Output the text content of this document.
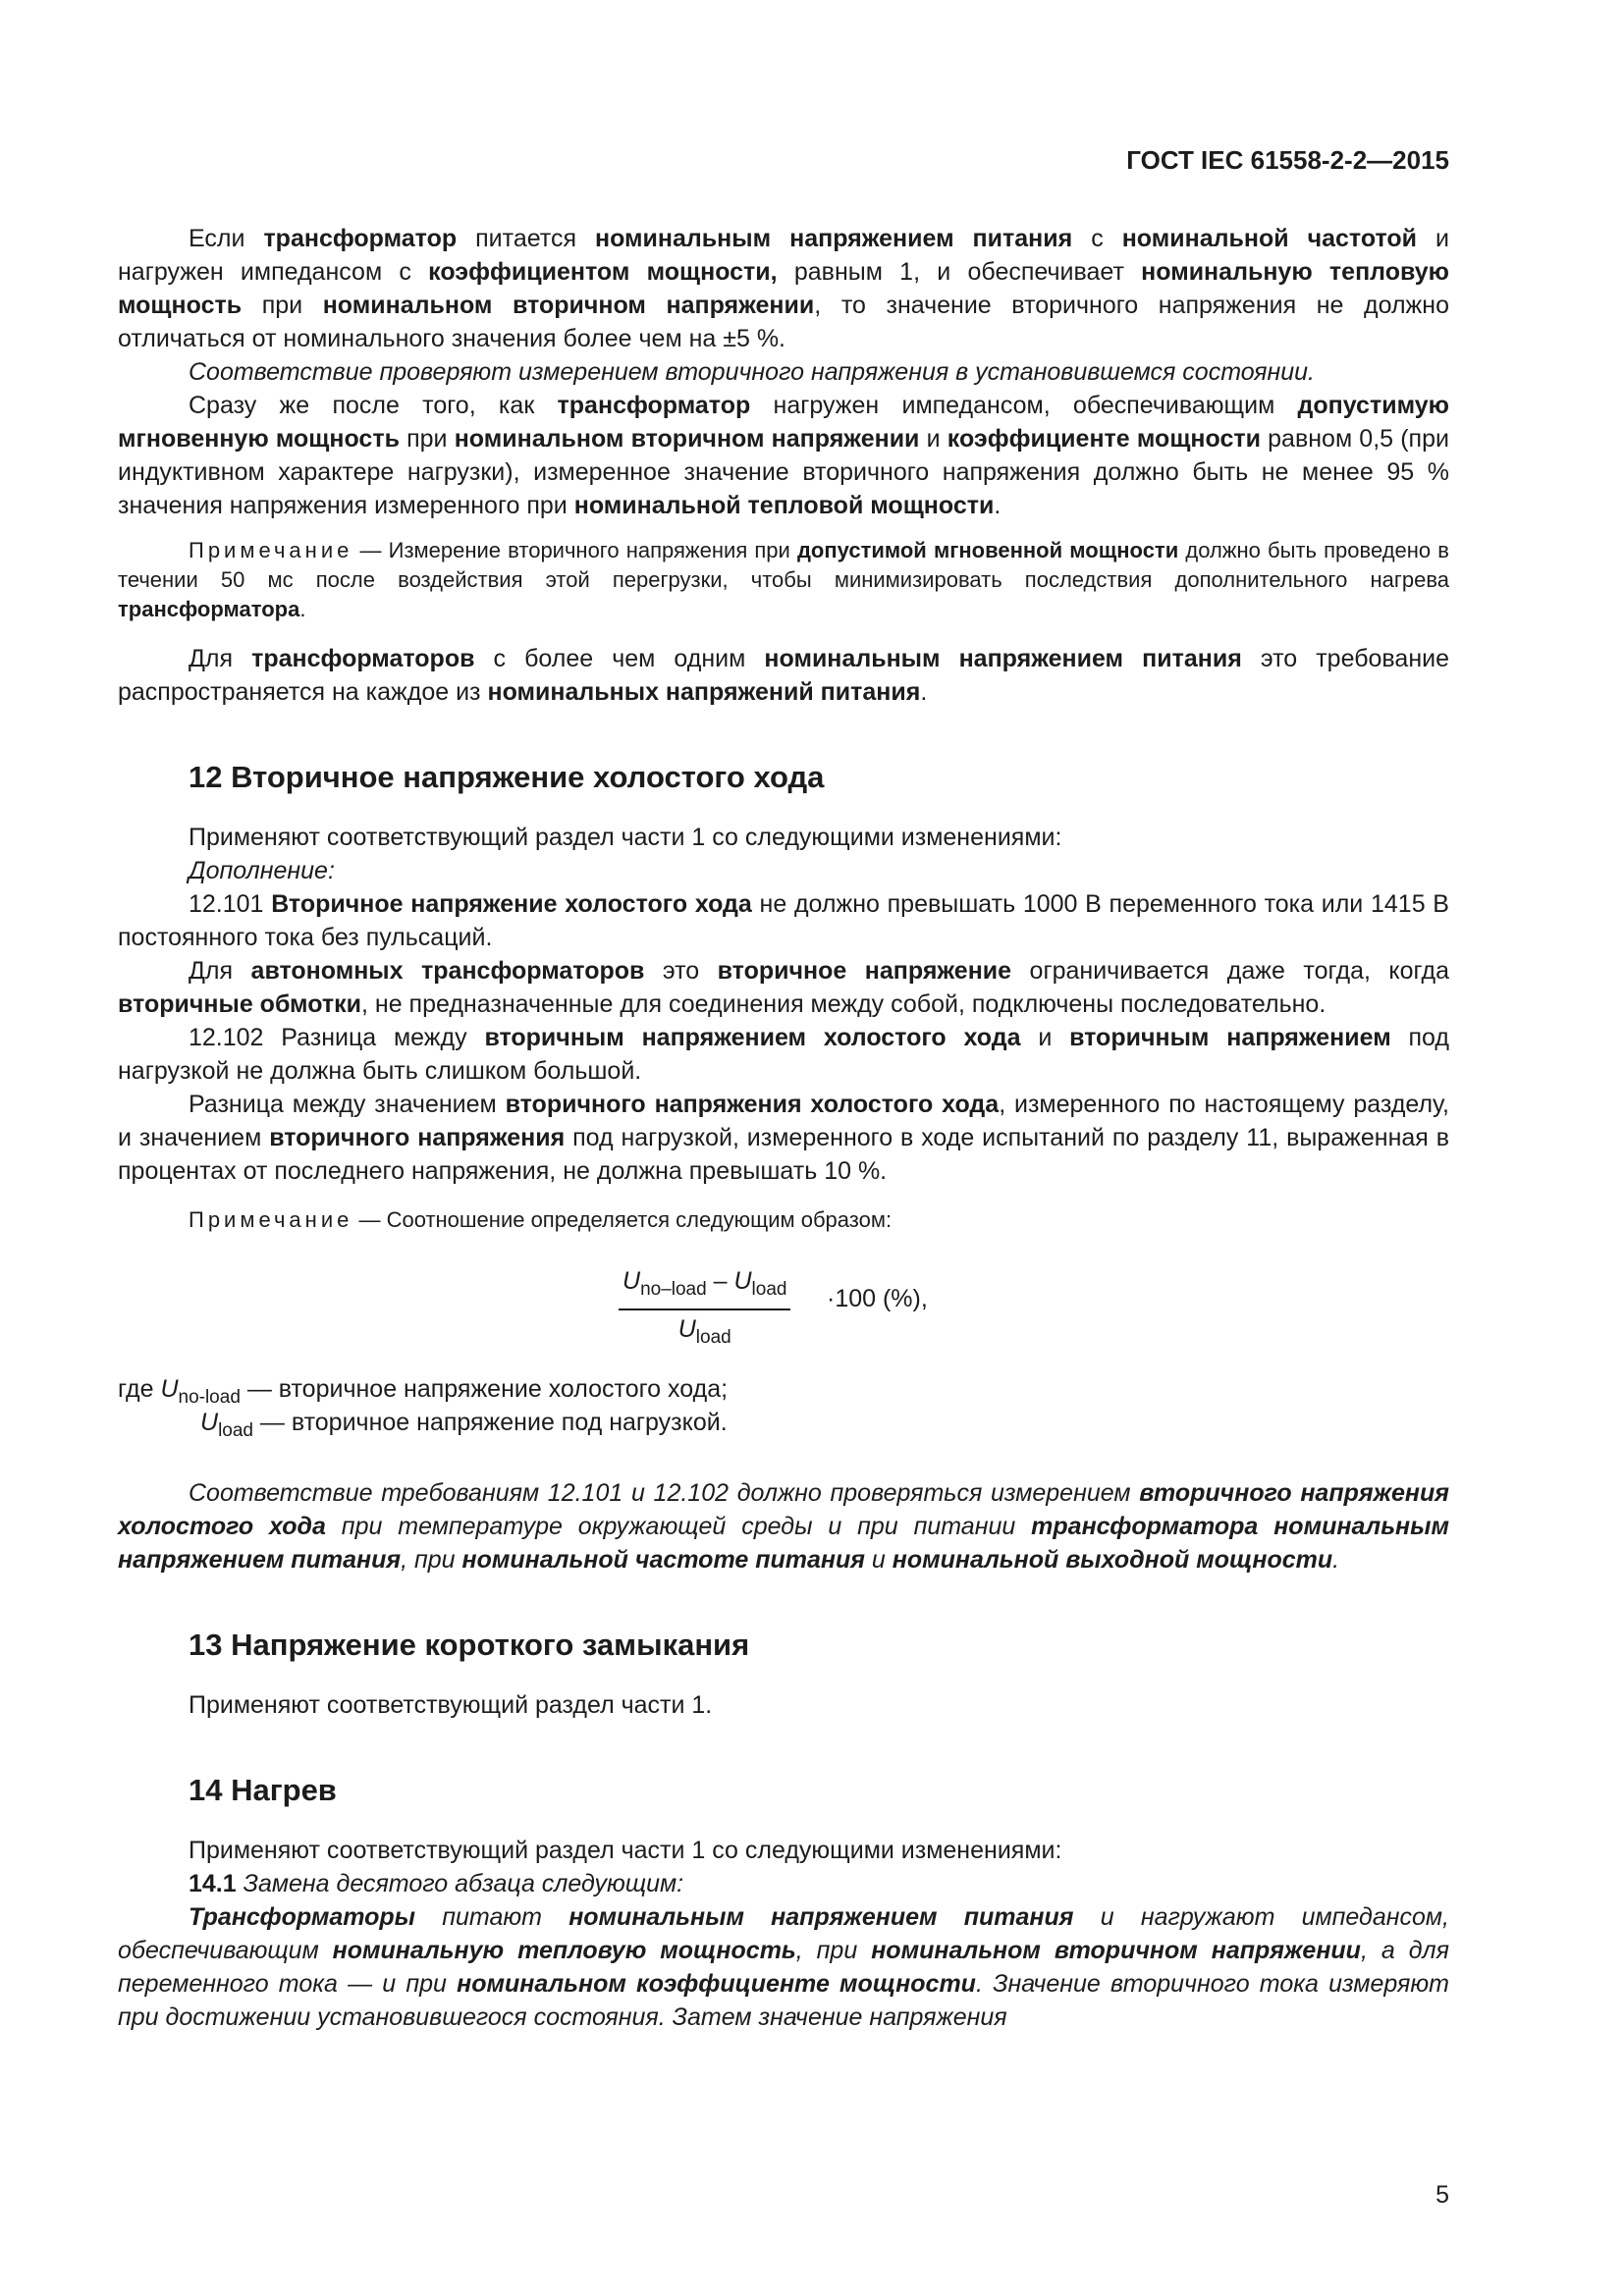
ГОСТ IEC 61558-2-2—2015

Если трансформатор питается номинальным напряжением питания с номинальной частотой и нагружен импедансом с коэффициентом мощности, равным 1, и обеспечивает номинальную тепловую мощность при номинальном вторичном напряжении, то значение вторичного напряжения не должно отличаться от номинального значения более чем на ±5 %.

Соответствие проверяют измерением вторичного напряжения в установившемся состоянии.

Сразу же после того, как трансформатор нагружен импедансом, обеспечивающим допустимую мгновенную мощность при номинальном вторичном напряжении и коэффициенте мощности равном 0,5 (при индуктивном характере нагрузки), измеренное значение вторичного напряжения должно быть не менее 95 % значения напряжения измеренного при номинальной тепловой мощности.

Примечание — Измерение вторичного напряжения при допустимой мгновенной мощности должно быть проведено в течении 50 мс после воздействия этой перегрузки, чтобы минимизировать последствия дополнительного нагрева трансформатора.

Для трансформаторов с более чем одним номинальным напряжением питания это требование распространяется на каждое из номинальных напряжений питания.

12 Вторичное напряжение холостого хода

Применяют соответствующий раздел части 1 со следующими изменениями:

Дополнение:

12.101 Вторичное напряжение холостого хода не должно превышать 1000 В переменного тока или 1415 В постоянного тока без пульсаций.

Для автономных трансформаторов это вторичное напряжение ограничивается даже тогда, когда вторичные обмотки, не предназначенные для соединения между собой, подключены последовательно.

12.102 Разница между вторичным напряжением холостого хода и вторичным напряжением под нагрузкой не должна быть слишком большой.

Разница между значением вторичного напряжения холостого хода, измеренного по настоящему разделу, и значением вторичного напряжения под нагрузкой, измеренного в ходе испытаний по разделу 11, выраженная в процентах от последнего напряжения, не должна превышать 10 %.

Примечание — Соотношение определяется следующим образом:

$U_{no-load} - U_{load}$
$U_{load}$
·100 (%),
где $U_{no-load}$ — вторичное напряжение холостого хода;
$U_{load}$ — вторичное напряжение под нагрузкой.

Соответствие требованиям 12.101 и 12.102 должно проверяться измерением вторичного напряжения холостого хода при температуре окружающей среды и при питании трансформатора номинальным напряжением питания, при номинальной частоте питания и номинальной выходной мощности.

13 Напряжение короткого замыкания

Применяют соответствующий раздел части 1.

14 Нагрев

Применяют соответствующий раздел части 1 со следующими изменениями:

14.1 Замена десятого абзаца следующим:

Трансформаторы питают номинальным напряжением питания и нагружают импедансом, обеспечивающим номинальную тепловую мощность, при номинальном вторичном напряжении, а для переменного тока — и при номинальном коэффициенте мощности. Значение вторичного тока измеряют при достижении установившегося состояния. Затем значение напряжения

5
